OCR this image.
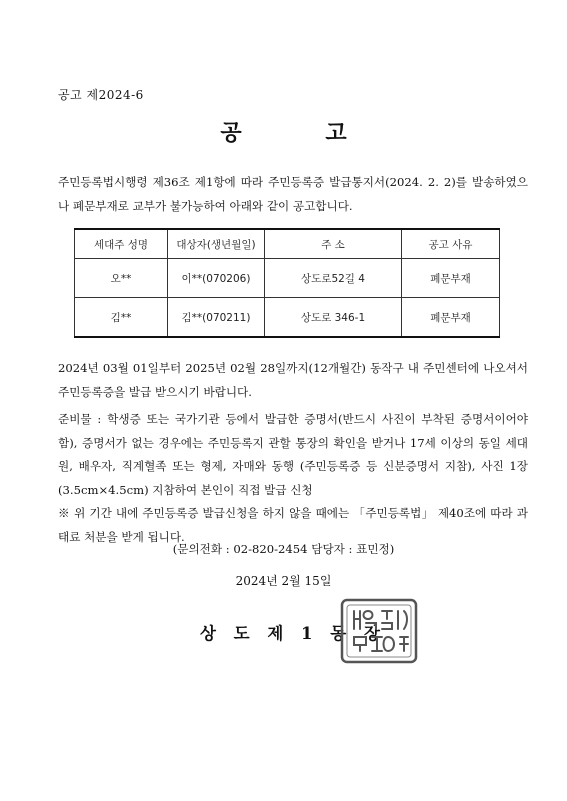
공고 제2024-6
공 고
주민등록법시행령 제36조 제1항에 따라 주민등록증 발급통지서(2024. 2. 2)를 발송하였으나 폐문부재로 교부가 불가능하여 아래와 같이 공고합니다.
세대주 성명	대상자(생년월일)	주 소	공고 사유
오**	이**(070206)	상도로52길 4	폐문부재
김**	김**(070211)	상도로 346-1	폐문부재
2024년 03월 01일부터 2025년 02월 28일까지(12개월간) 동작구 내 주민센터에 나오셔서 주민등록증을 발급 받으시기 바랍니다.

준비물 : 학생증 또는 국가기관 등에서 발급한 증명서(반드시 사진이 부착된 증명서이어야 함), 증명서가 없는 경우에는 주민등록지 관할 통장의 확인을 받거나 17세 이상의 동일 세대원, 배우자, 직계혈족 또는 형제, 자매와 동행 (주민등록증 등 신분증명서 지참), 사진 1장(3.5cm×4.5cm) 지참하여 본인이 직접 발급 신청

※ 위 기간 내에 주민등록증 발급신청을 하지 않을 때에는 「주민등록법」 제40조에 따라 과태료 처분을 받게 됩니다.

(문의전화 : 02-820-2454 담당자 : 표민정)
2024년 2월 15일
상 도 제 1 동 장
